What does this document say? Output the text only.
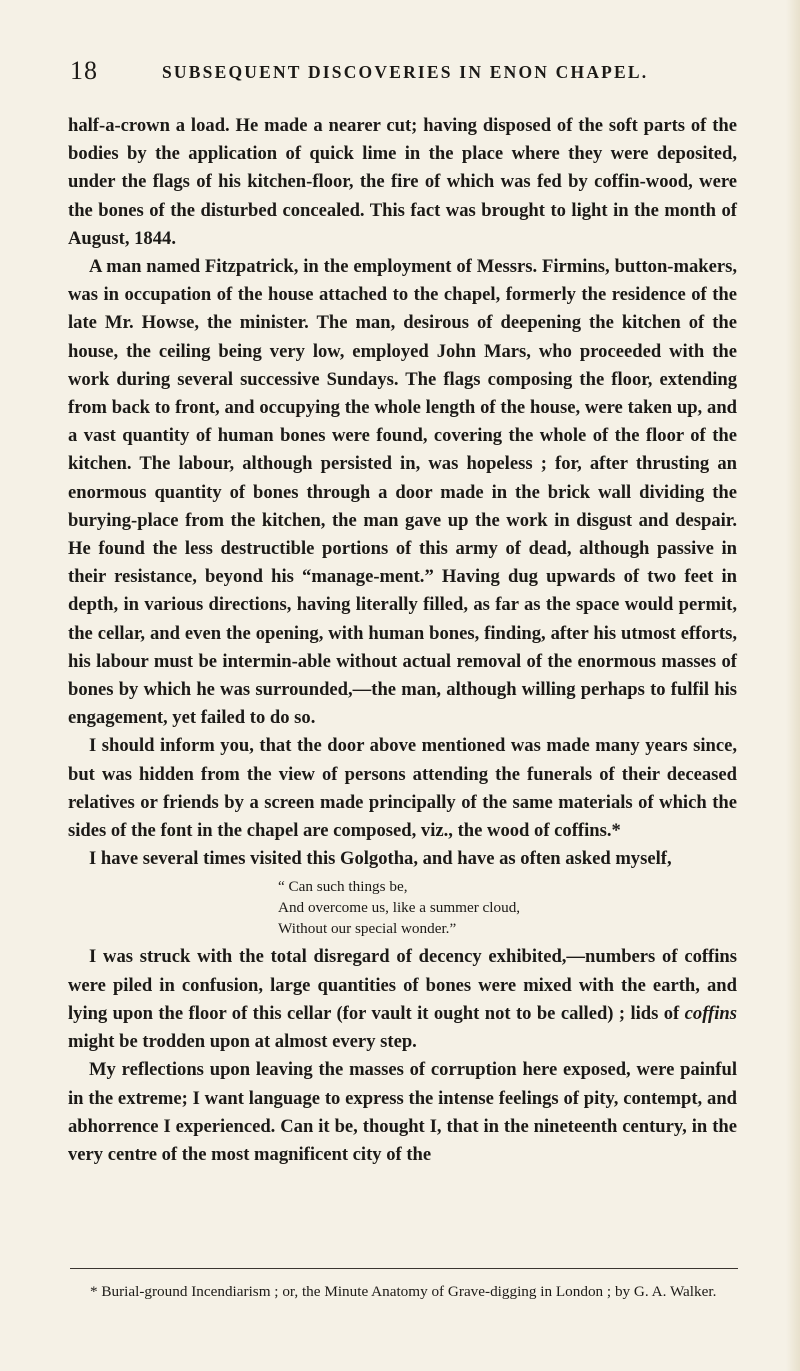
18	SUBSEQUENT DISCOVERIES IN ENON CHAPEL.

half-a-crown a load. He made a nearer cut; having disposed of the soft parts of the bodies by the application of quick lime in the place where they were deposited, under the flags of his kitchen-floor, the fire of which was fed by coffin-wood, were the bones of the disturbed concealed. This fact was brought to light in the month of August, 1844.

A man named Fitzpatrick, in the employment of Messrs. Firmins, button-makers, was in occupation of the house attached to the chapel, formerly the residence of the late Mr. Howse, the minister. The man, desirous of deepening the kitchen of the house, the ceiling being very low, employed John Mars, who proceeded with the work during several successive Sundays. The flags composing the floor, extending from back to front, and occupying the whole length of the house, were taken up, and a vast quantity of human bones were found, covering the whole of the floor of the kitchen. The labour, although persisted in, was hopeless ; for, after thrusting an enormous quantity of bones through a door made in the brick wall dividing the burying-place from the kitchen, the man gave up the work in disgust and despair. He found the less destructible portions of this army of dead, although passive in their resistance, beyond his “manage-ment.” Having dug upwards of two feet in depth, in various directions, having literally filled, as far as the space would permit, the cellar, and even the opening, with human bones, finding, after his utmost efforts, his labour must be intermin-able without actual removal of the enormous masses of bones by which he was surrounded,—the man, although willing perhaps to fulfil his engagement, yet failed to do so.

I should inform you, that the door above mentioned was made many years since, but was hidden from the view of persons attending the funerals of their deceased relatives or friends by a screen made principally of the same materials of which the sides of the font in the chapel are composed, viz., the wood of coffins.*

I have several times visited this Golgotha, and have as often asked myself,

“ Can such things be,
And overcome us, like a summer cloud,
Without our special wonder.”

I was struck with the total disregard of decency exhibited,—numbers of coffins were piled in confusion, large quantities of bones were mixed with the earth, and lying upon the floor of this cellar (for vault it ought not to be called) ; lids of coffins might be trodden upon at almost every step.

My reflections upon leaving the masses of corruption here exposed, were painful in the extreme; I want language to express the intense feelings of pity, contempt, and abhorrence I experienced. Can it be, thought I, that in the nineteenth century, in the very centre of the most magnificent city of the

* Burial-ground Incendiarism ; or, the Minute Anatomy of Grave-digging in London ; by G. A. Walker.
